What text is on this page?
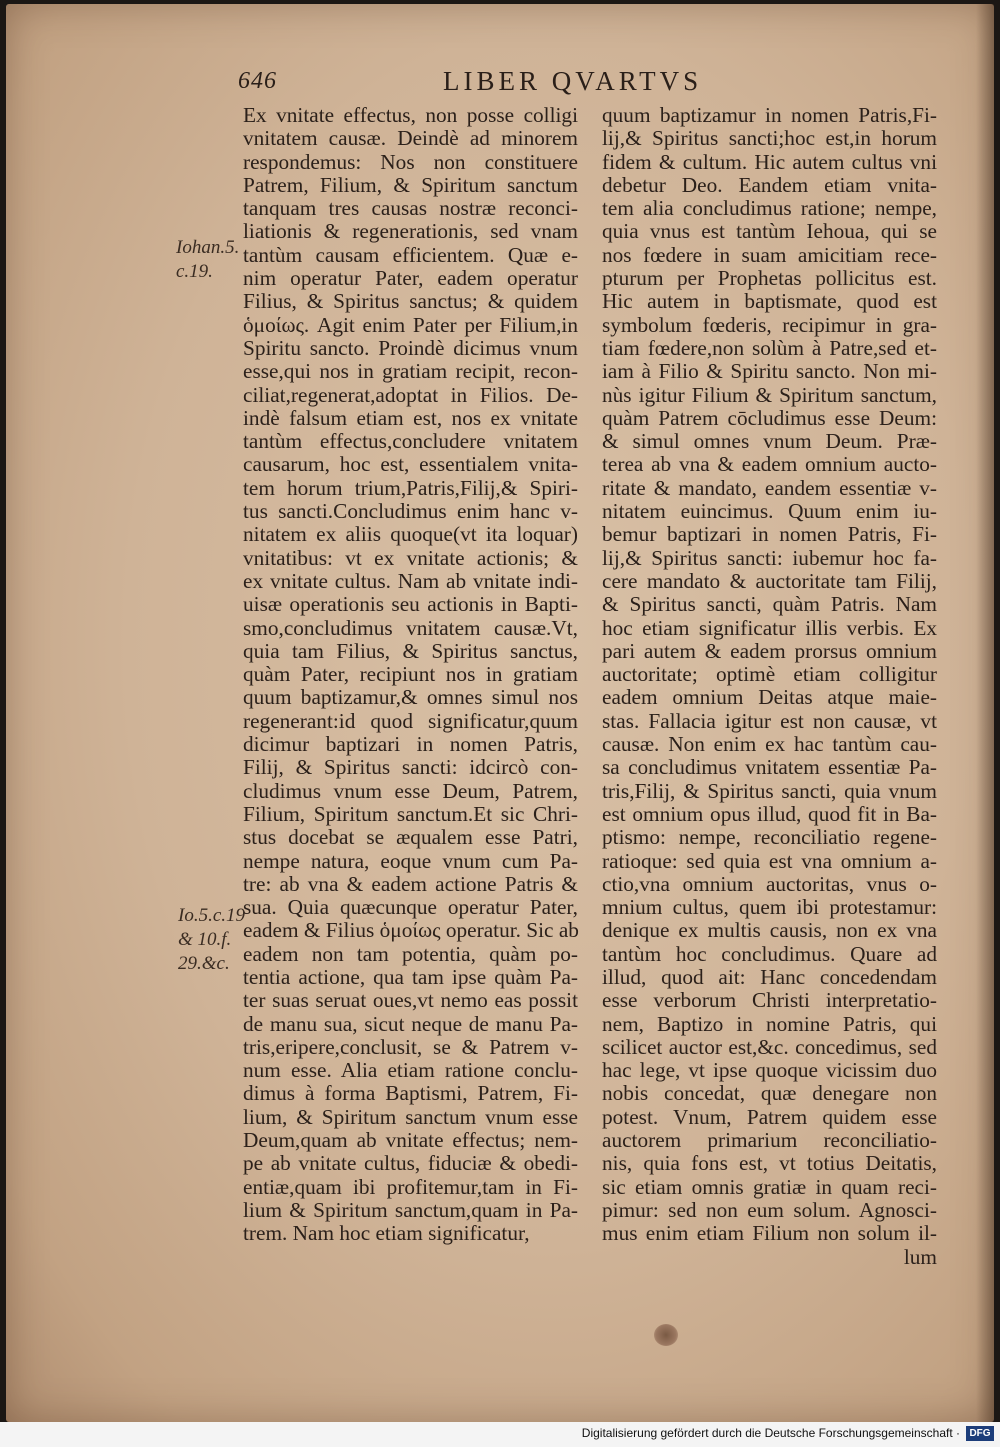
646	LIBER QVARTVS
Iohan.5.
c.19.
Io.5.c.19
& 10.f.
29.&c.
Ex vnitate effectus, non posse colligi
vnitatem causæ. Deindè ad minorem
respondemus: Nos non constituere
Patrem, Filium, & Spiritum sanctum
tanquam tres causas nostræ reconci-
liationis & regenerationis, sed vnam
tantùm causam efficientem. Quæ e-
nim operatur Pater, eadem operatur
Filius, & Spiritus sanctus; & quidem
ὁμοίως. Agit enim Pater per Filium,in
Spiritu sancto. Proindè dicimus vnum
esse,qui nos in gratiam recipit, recon-
ciliat,regenerat,adoptat in Filios. De-
indè falsum etiam est, nos ex vnitate
tantùm effectus,concludere vnitatem
causarum, hoc est, essentialem vnita-
tem horum trium,Patris,Filij,& Spiri-
tus sancti.Concludimus enim hanc v-
nitatem ex aliis quoque(vt ita loquar)
vnitatibus: vt ex vnitate actionis; &
ex vnitate cultus. Nam ab vnitate indi-
uisæ operationis seu actionis in Bapti-
smo,concludimus vnitatem causæ.Vt,
quia tam Filius, & Spiritus sanctus,
quàm Pater, recipiunt nos in gratiam
quum baptizamur,& omnes simul nos
regenerant:id quod significatur,quum
dicimur baptizari in nomen Patris,
Filij, & Spiritus sancti: idcircò con-
cludimus vnum esse Deum, Patrem,
Filium, Spiritum sanctum.Et sic Chri-
stus docebat se æqualem esse Patri,
nempe natura, eoque vnum cum Pa-
tre: ab vna & eadem actione Patris &
sua. Quia quæcunque operatur Pater,
eadem & Filius ὁμοίως operatur. Sic ab
eadem non tam potentia, quàm po-
tentia actione, qua tam ipse quàm Pa-
ter suas seruat oues,vt nemo eas possit
de manu sua, sicut neque de manu Pa-
tris,eripere,conclusit, se & Patrem v-
num esse. Alia etiam ratione conclu-
dimus à forma Baptismi, Patrem, Fi-
lium, & Spiritum sanctum vnum esse
Deum,quam ab vnitate effectus; nem-
pe ab vnitate cultus, fiduciæ & obedi-
entiæ,quam ibi profitemur,tam in Fi-
lium & Spiritum sanctum,quam in Pa-
trem. Nam hoc etiam significatur,
quum baptizamur in nomen Patris,Fi-
lij,& Spiritus sancti;hoc est,in horum
fidem & cultum. Hic autem cultus vni
debetur Deo. Eandem etiam vnita-
tem alia concludimus ratione; nempe,
quia vnus est tantùm Iehoua, qui se
nos fœdere in suam amicitiam rece-
pturum per Prophetas pollicitus est.
Hic autem in baptismate, quod est
symbolum fœderis, recipimur in gra-
tiam fœdere,non solùm à Patre,sed et-
iam à Filio & Spiritu sancto. Non mi-
nùs igitur Filium & Spiritum sanctum,
quàm Patrem cōcludimus esse Deum:
& simul omnes vnum Deum. Præ-
terea ab vna & eadem omnium aucto-
ritate & mandato, eandem essentiæ v-
nitatem euincimus. Quum enim iu-
bemur baptizari in nomen Patris, Fi-
lij,& Spiritus sancti: iubemur hoc fa-
cere mandato & auctoritate tam Filij,
& Spiritus sancti, quàm Patris. Nam
hoc etiam significatur illis verbis. Ex
pari autem & eadem prorsus omnium
auctoritate; optimè etiam colligitur
eadem omnium Deitas atque maie-
stas. Fallacia igitur est non causæ, vt
causæ. Non enim ex hac tantùm cau-
sa concludimus vnitatem essentiæ Pa-
tris,Filij, & Spiritus sancti, quia vnum
est omnium opus illud, quod fit in Ba-
ptismo: nempe, reconciliatio regene-
ratioque: sed quia est vna omnium a-
ctio,vna omnium auctoritas, vnus o-
mnium cultus, quem ibi protestamur:
denique ex multis causis, non ex vna
tantùm hoc concludimus. Quare ad
illud, quod ait: Hanc concedendam
esse verborum Christi interpretatio-
nem, Baptizo in nomine Patris, qui
scilicet auctor est,&c. concedimus, sed
hac lege, vt ipse quoque vicissim duo
nobis concedat, quæ denegare non
potest. Vnum, Patrem quidem esse
auctorem primarium reconciliatio-
nis, quia fons est, vt totius Deitatis,
sic etiam omnis gratiæ in quam reci-
pimur: sed non eum solum. Agnosci-
mus enim etiam Filium non solum il-
lum
Digitalisierung gefördert durch die Deutsche Forschungsgemeinschaft · DFG
